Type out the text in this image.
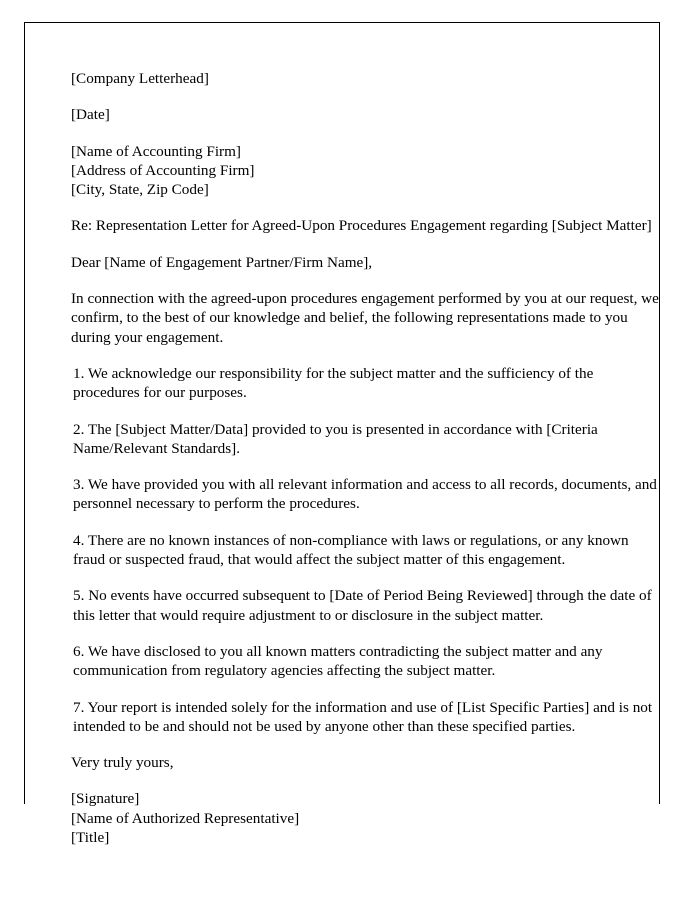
[Company Letterhead]

[Date]

[Name of Accounting Firm]
[Address of Accounting Firm]
[City, State, Zip Code]

Re: Representation Letter for Agreed-Upon Procedures Engagement regarding [Subject Matter]

Dear [Name of Engagement Partner/Firm Name],

In connection with the agreed-upon procedures engagement performed by you at our request, we confirm, to the best of our knowledge and belief, the following representations made to you during your engagement.

1. We acknowledge our responsibility for the subject matter and the sufficiency of the procedures for our purposes.

2. The [Subject Matter/Data] provided to you is presented in accordance with [Criteria Name/Relevant Standards].

3. We have provided you with all relevant information and access to all records, documents, and personnel necessary to perform the procedures.

4. There are no known instances of non-compliance with laws or regulations, or any known fraud or suspected fraud, that would affect the subject matter of this engagement.

5. No events have occurred subsequent to [Date of Period Being Reviewed] through the date of this letter that would require adjustment to or disclosure in the subject matter.

6. We have disclosed to you all known matters contradicting the subject matter and any communication from regulatory agencies affecting the subject matter.

7. Your report is intended solely for the information and use of [List Specific Parties] and is not intended to be and should not be used by anyone other than these specified parties.

Very truly yours,

[Signature]
[Name of Authorized Representative]
[Title]
